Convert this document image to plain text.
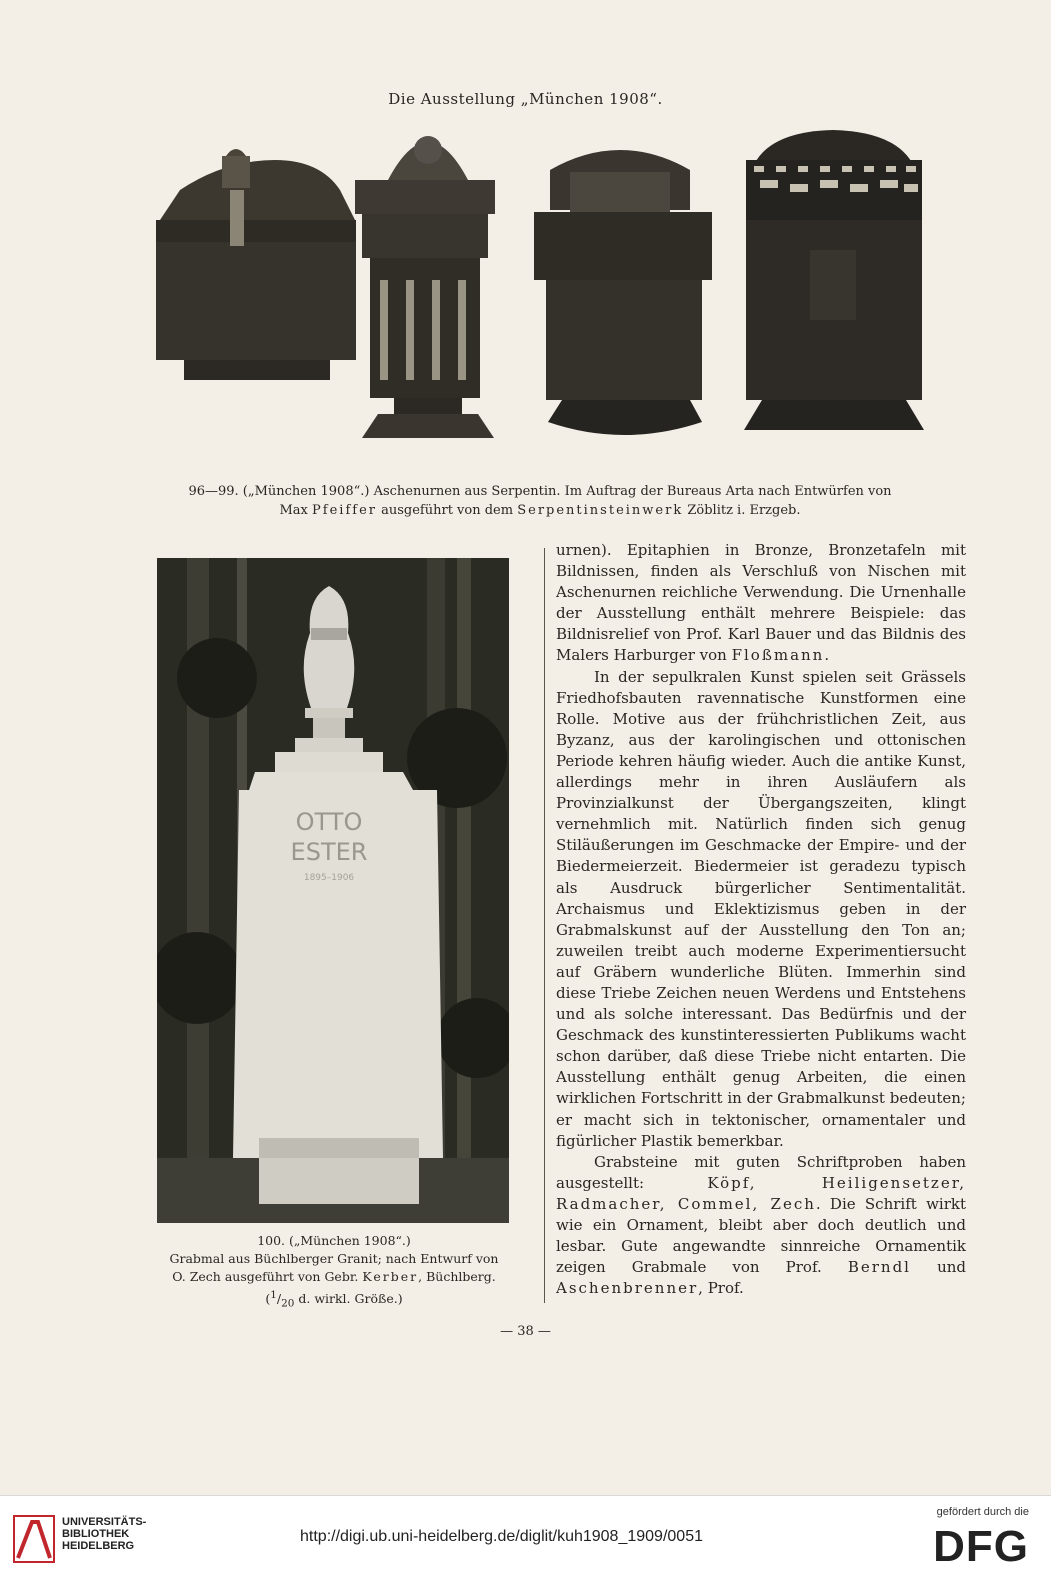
Die Ausstellung „München 1908“.
96—99. („München 1908“.) Aschenurnen aus Serpentin. Im Auftrag der Bureaus Arta nach Entwürfen von
Max Pfeiffer ausgeführt von dem Serpentinsteinwerk Zöblitz i. Erzgeb.
OTTO
ESTER
1895–1906
100. („München 1908“.)
Grabmal aus Büchlberger Granit; nach Entwurf von
O. Zech ausgeführt von Gebr. Kerber, Büchlberg.
($^1/_{20}$ d. wirkl. Größe.)

urnen). Epitaphien in Bronze, Bronzetafeln mit Bildnissen, finden als Verschluß von Nischen mit Aschenurnen reichliche Verwendung. Die Urnenhalle der Ausstellung enthält mehrere Beispiele: das Bildnisrelief von Prof. Karl Bauer und das Bildnis des Malers Harburger von Floßmann.

In der sepulkralen Kunst spielen seit Grässels Friedhofsbauten ravennatische Kunstformen eine Rolle. Motive aus der frühchristlichen Zeit, aus Byzanz, aus der karolingischen und ottonischen Periode kehren häufig wieder. Auch die antike Kunst, allerdings mehr in ihren Ausläufern als Provinzialkunst der Übergangszeiten, klingt vernehmlich mit. Natürlich finden sich genug Stiläußerungen im Geschmacke der Empire- und der Biedermeierzeit. Biedermeier ist geradezu typisch als Ausdruck bürgerlicher Sentimentalität. Archaismus und Eklektizismus geben in der Grabmalskunst auf der Ausstellung den Ton an; zuweilen treibt auch moderne Experimentiersucht auf Gräbern wunderliche Blüten. Immerhin sind diese Triebe Zeichen neuen Werdens und Entstehens und als solche interessant. Das Bedürfnis und der Geschmack des kunstinteressierten Publikums wacht schon darüber, daß diese Triebe nicht entarten. Die Ausstellung enthält genug Arbeiten, die einen wirklichen Fortschritt in der Grabmalkunst bedeuten; er macht sich in tektonischer, ornamentaler und figürlicher Plastik bemerkbar.

Grabsteine mit guten Schriftproben haben ausgestellt: Köpf, Heiligensetzer, Radmacher, Commel, Zech. Die Schrift wirkt wie ein Ornament, bleibt aber doch deutlich und lesbar. Gute angewandte sinnreiche Ornamentik zeigen Grabmale von Prof. Berndl und Aschenbrenner, Prof.

— 38 —
UNIVERSITÄTS-
BIBLIOTHEK
HEIDELBERG
http://digi.ub.uni-heidelberg.de/diglit/kuh1908_1909/0051
gefördert durch die
DFG
